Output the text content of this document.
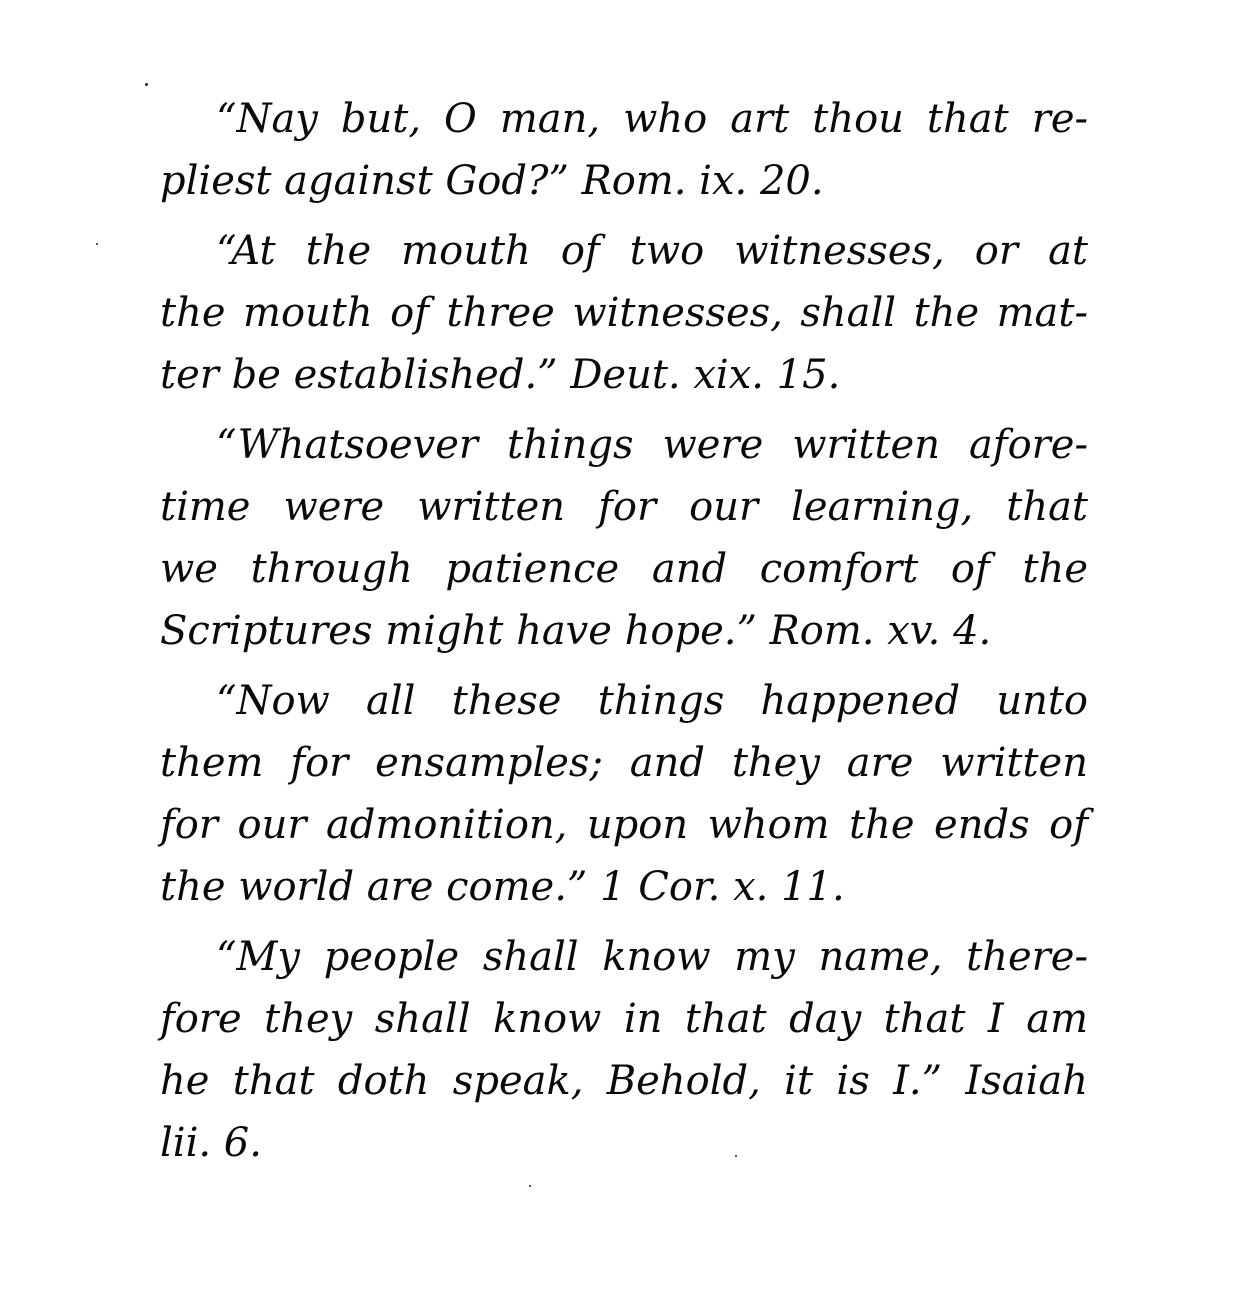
“Nay but, O man, who art thou that re-
pliest against God?” Rom. ix. 20.
“At the mouth of two witnesses, or at
the mouth of three witnesses, shall the mat-
ter be established.” Deut. xix. 15.
“Whatsoever things were written afore-
time were written for our learning, that
we through patience and comfort of the
Scriptures might have hope.” Rom. xv. 4.
“Now all these things happened unto
them for ensamples; and they are written
for our admonition, upon whom the ends of
the world are come.” 1 Cor. x. 11.
“My people shall know my name, there-
fore they shall know in that day that I am
he that doth speak, Behold, it is I.” Isaiah
lii. 6.
